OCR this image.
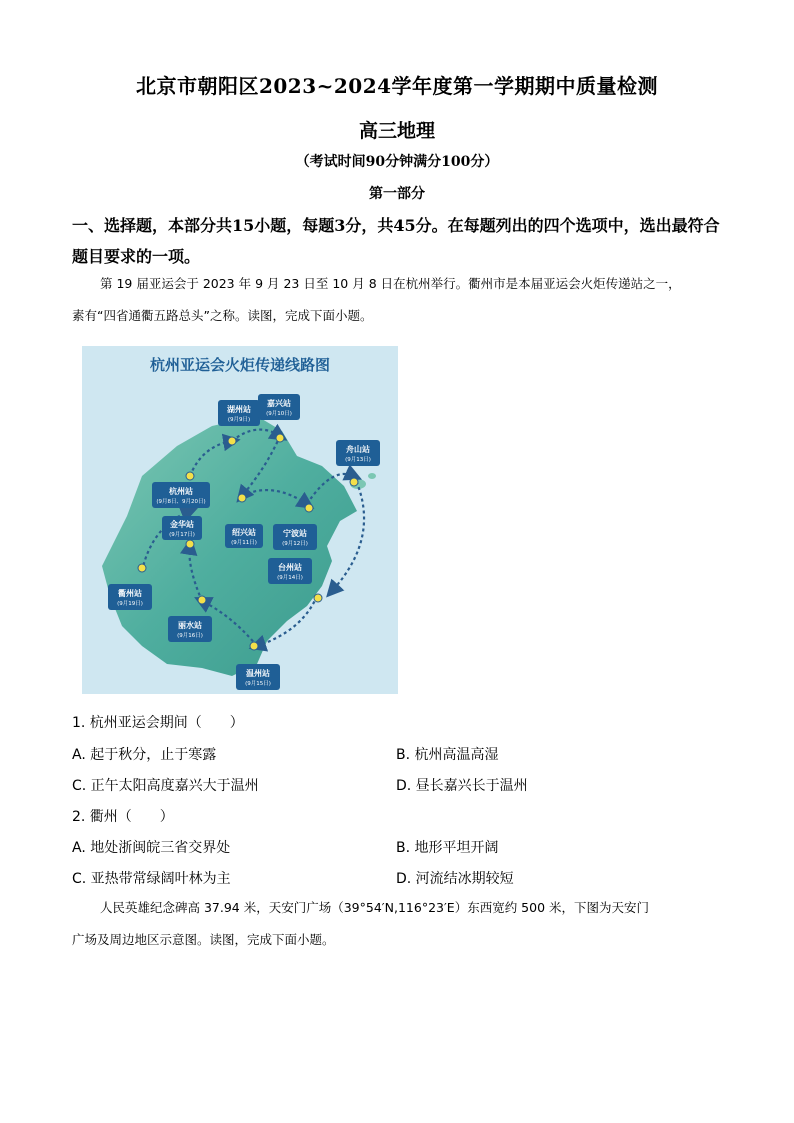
北京市朝阳区2023~2024学年度第一学期期中质量检测
高三地理
（考试时间90分钟满分100分）
第一部分
一、选择题，本部分共15小题，每题3分，共45分。在每题列出的四个选项中，选出最符合题目要求的一项。
第 19 届亚运会于 2023 年 9 月 23 日至 10 月 8 日在杭州举行。衢州市是本届亚运会火炬传递站之一，
素有“四省通衢五路总头”之称。读图，完成下面小题。
杭州亚运会火炬传递线路图
湖州站
(9月9日)
嘉兴站
(9月10日)
舟山站
(9月13日)
杭州站
(9月8日、9月20日)
绍兴站
(9月11日)
宁波站
(9月12日)
金华站
(9月17日)
台州站
(9月14日)
衢州站
(9月19日)
丽水站
(9月16日)
温州站
(9月15日)
1. 杭州亚运会期间（　　）
A. 起于秋分，止于寒露	B. 杭州高温高湿
C. 正午太阳高度嘉兴大于温州	D. 昼长嘉兴长于温州
2. 衢州（　　）
A. 地处浙闽皖三省交界处	B. 地形平坦开阔
C. 亚热带常绿阔叶林为主	D. 河流结冰期较短
人民英雄纪念碑高 37.94 米，天安门广场（39°54′N,116°23′E）东西宽约 500 米，下图为天安门
广场及周边地区示意图。读图，完成下面小题。
